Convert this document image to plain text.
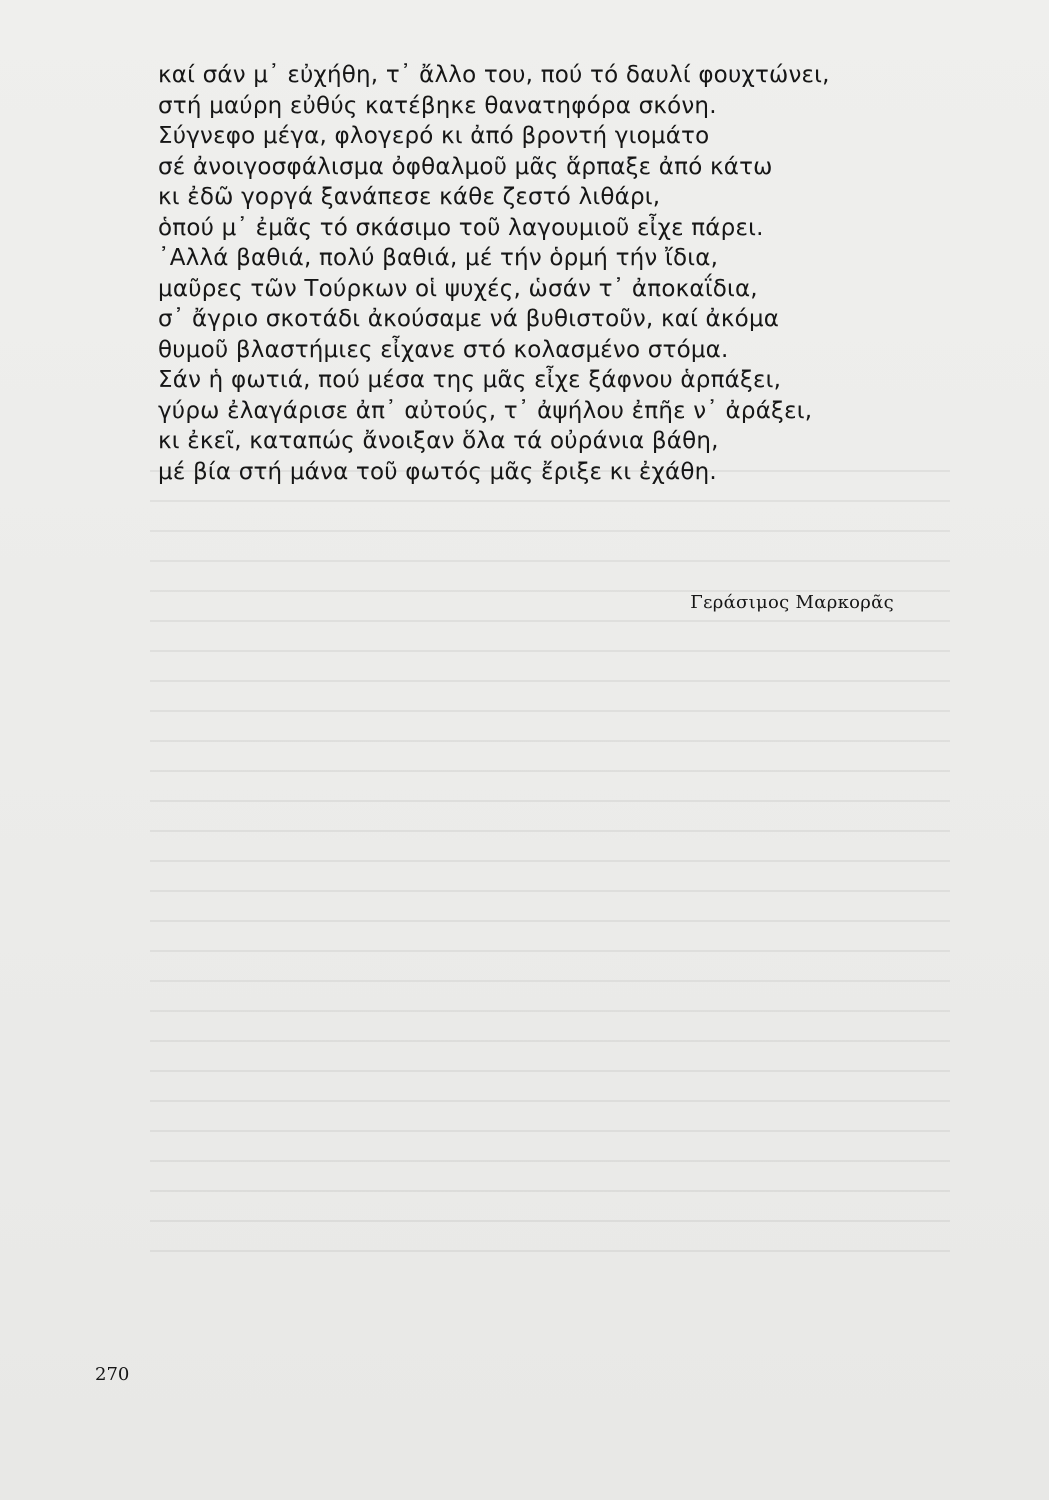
καί σάν μ᾽ εὐχήθη, τ᾽ ἄλλο του, πού τό δαυλί φουχτώνει,
στή μαύρη εὐθύς κατέβηκε θανατηφόρα σκόνη.
Σύγνεφο μέγα, φλογερό κι ἀπό βροντή γιομάτο
σέ ἀνοιγοσφάλισμα ὀφθαλμοῦ μᾶς ἅρπαξε ἀπό κάτω
κι ἐδῶ γοργά ξανάπεσε κάθε ζεστό λιθάρι,
ὁπού μ᾽ ἐμᾶς τό σκάσιμο τοῦ λαγουμιοῦ εἶχε πάρει.
᾽Αλλά βαθιά, πολύ βαθιά, μέ τήν ὁρμή τήν ἴδια,
μαῦρες τῶν Τούρκων οἱ ψυχές, ὡσάν τ᾽ ἀποκαΐδια,
σ᾽ ἄγριο σκοτάδι ἀκούσαμε νά βυθιστοῦν, καί ἀκόμα
θυμοῦ βλαστήμιες εἶχανε στό κολασμένο στόμα.
Σάν ἡ φωτιά, πού μέσα της μᾶς εἶχε ξάφνου ἁρπάξει,
γύρω ἐλαγάρισε ἀπ᾽ αὐτούς, τ᾽ ἀψήλου ἐπῆε ν᾽ ἀράξει,
κι ἐκεῖ, καταπώς ἄνοιξαν ὅλα τά οὐράνια βάθη,
μέ βία στή μάνα τοῦ φωτός μᾶς ἔριξε κι ἐχάθη.
Γεράσιμος Μαρκορᾶς
270
